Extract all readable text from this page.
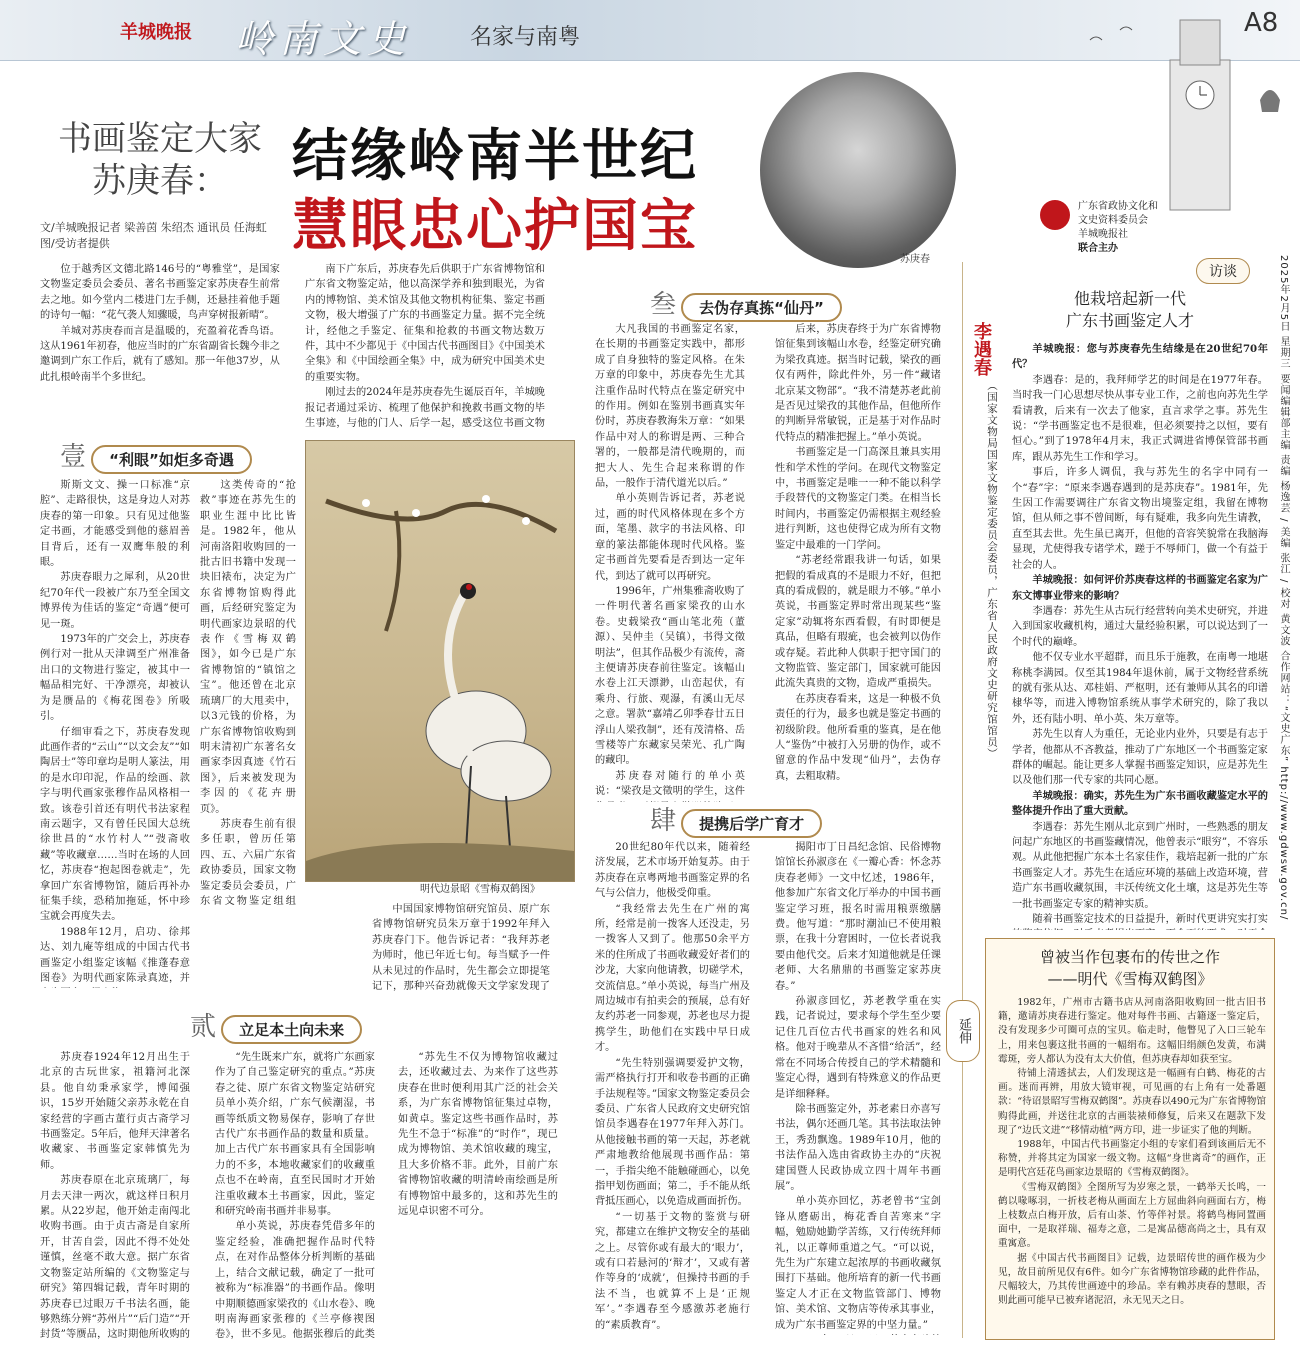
羊城晚报 岭南文史	名家与南粤	A8
书画鉴定大家
苏庚春：	结缘岭南半世纪
慧眼忠心护国宝
文/羊城晚报记者 梁善茵 朱绍杰 通讯员 任海虹 图/受访者提供
苏庚春
广东省政协文化和
文史资料委员会
羊城晚报社
联合主办

位于越秀区文德北路146号的“粤雅堂”，是国家文物鉴定委员会委员、著名书画鉴定家苏庚春生前常去之地。如今堂内二楼进门左手侧，还悬挂着他手题的诗句一幅：“花气袭人知骤暖，鸟声穿树报新晴”。

羊城对苏庚春而言是温暖的，充盈着花香鸟语。这从1961年初春，他应当时的广东省副省长魏今非之邀调到广东工作后，就有了感知。那一年他37岁，从此扎根岭南半个多世纪。

南下广东后，苏庚春先后供职于广东省博物馆和广东省文物鉴定站，他以高深学养和独到眼光，为省内的博物馆、美术馆及其他文物机构征集、鉴定书画文物，极大增强了广东的书画鉴定力量。据不完全统计，经他之手鉴定、征集和抢救的书画文物达数万件，其中不少都见于《中国古代书画图目》《中国美术全集》和《中国绘画全集》中，成为研究中国美术史的重要实物。

刚过去的2024年是苏庚春先生诞辰百年，羊城晚报记者通过采访、梳理了他保护和挽救书画文物的毕生事迹，与他的门人、后学一起，感受这位书画文物

壹 “利眼”如炬多奇遇

斯斯文文、操一口标准“京腔”、走路很快，这是身边人对苏庚春的第一印象。只有见过他鉴定书画，才能感受到他的慈眉善目背后，还有一双鹰隼般的利眼。

苏庚春眼力之犀利，从20世纪70年代一段被广东乃至全国文博界传为佳话的鉴定“奇遇”便可见一斑。

1973年的广交会上，苏庚春例行对一批从天津调至广州准备出口的文物进行鉴定，被其中一幅品相完好、干净漂亮，却被认为是赝品的《梅花图卷》所吸引。

仔细审看之下，苏庚春发现此画作者的“云山”“以文会友”“如陶居士”等印章均是明人篆法，用的是水印印泥，作品的绘画、款字与明代画家张穆作品风格相一致。该卷引首还有明代书法家程南云题字，又有曾任民国大总统徐世昌的“水竹村人”“弢斋收藏”等收藏章……当时在场的人回忆，苏庚春“抱起图卷就走”，先拿回广东省博物馆，随后再补办征集手续，恐稍加拖延，怀中珍宝就会再度失去。

1988年12月，启功、徐邦达、刘九庵等组成的中国古代书画鉴定小组鉴定该幅《推蓬春意图卷》为明代画家陈录真迹，并

这类传奇的“抢救”事迹在苏先生的职业生涯中比比皆是。1982年，他从河南洛阳收购回的一批古旧书籍中发现一块旧裱布，决定为广东省博物馆购得此画，后经研究鉴定为明代画家边景昭的代表作《雪梅双鹤图》，如今已是广东省博物馆的“镇馆之宝”。他还曾在北京琉璃厂的大甩卖中，以3元钱的价格，为广东省博物馆收购到明末清初广东著名女画家李因真迹《竹石图》，后来被发现为李因的《花卉册页》。

苏庚春生前有很多任职，曾历任第四、五、六届广东省政协委员，国家文物鉴定委员会委员，广东省文物鉴定组组

明代边景昭《雪梅双鹤图》

中国国家博物馆研究馆员、原广东省博物馆研究员朱万章于1992年拜入苏庚春门下。他告诉记者：“我拜苏老为师时，他已年近七旬。每当赋予一件从未见过的作品时，先生都会立即提笔记下，那种兴奋劲就像天文学家发现了

贰 立足本土向未来

苏庚春1924年12月出生于北京的古玩世家，祖籍河北深县。他自幼秉承家学，博闻强识，15岁开始随父亲苏永乾在自家经营的字画古董行贞古斋学习书画鉴定。5年后，他拜天津著名收藏家、书画鉴定家韩慎先为师。

苏庚春原在北京琉璃厂，每月去天津一两次，就这样日积月累。从22岁起，他开始走南闯北收购书画。由于贞古斋是自家所开，甘苦自尝，因此不得不处处谨慎，丝毫不敢大意。据广东省文物鉴定站所编的《文物鉴定与研究》第四辑记载，青年时期的苏庚春已过眼万千书法名画，能够熟练分辨“苏州片”“后门造”“开封货”等赝品，这时期他所收购的

“先生既来广东，就将广东画家作为了自己鉴定研究的重点。”苏庚春之徒、原广东省文物鉴定站研究员单小英介绍，广东气候潮湿，书画等纸质文物易保存，影响了存世古代广东书画作品的数量和质量。加上古代广东书画家具有全国影响力的不多，本地收藏家们的收藏重点也不在岭南，直至民国时才开始注重收藏本土书画家，因此，鉴定和研究岭南书画并非易事。

单小英说，苏庚春凭借多年的鉴定经验，准确把握作品时代特点，在对作品整体分析判断的基础上，结合文献记载，确定了一批可被称为“标准器”的书画作品。像明中期顺德画家梁孜的《山水卷》、晚明南海画家张穆的《兰亭修禊图卷》，世不多见。他据张穆后的此类

“苏先生不仅为博物馆收藏过去，还收藏过去、为来作了这些苏庚春在世时便利用其广泛的社会关系，为广东省博物馆征集过卓物，如黄卓。鉴定这些书画作品时，苏先生不急于“标准”的“时作”，现已成为博物馆、美术馆收藏的瑰宝，且大多价格不菲。此外，目前广东省博物馆收藏的明清岭南绘画是所有博物馆中最多的，这和苏先生的远见卓识密不可分。

叁 去伪存真拣“仙丹”

大凡我国的书画鉴定名家，在长期的书画鉴定实践中，都形成了自身独特的鉴定风格。在朱万章的印象中，苏庚春先生尤其注重作品时代特点在鉴定研究中的作用。例如在鉴别书画真实年份时，苏庚春教海朱万章：“如果作品中对人的称谓是两、三种合署的，一般都是清代晚期的，而把大人、先生合起来称谓的作品，一般作于清代道光以后。”

单小英则告诉记者，苏老说过，画的时代风格体现在多个方面，笔墨、款字的书法风格、印章的篆法都能体现时代风格。鉴定书画首先要看是否到达一定年代，到达了就可以再研究。

1996年，广州集雅斋收购了一件明代著名画家梁孜的山水卷。史载梁孜“画山笔北苑（董源）、吴仲圭（吴镇），书得文徵明法”，但其作品极少有流传，斋主便请苏庚春前往鉴定。该幅山水卷上江天漂渺，山峦起伏，有乘舟、行旅、观瀑，有溪山无尽之意。署款“嘉靖乙卯季春廿五日浮山人梁孜制”，还有茂清格、岳雪楼等广东藏家吴荣光、孔广陶的藏印。

苏庚春对随行的单小英说：“梁孜是文徵明的学生，这件

后来，苏庚春终于为广东省博物馆征集到该幅山水卷，经鉴定研究确为梁孜真迹。据当时记载，梁孜的画仅有两件，除此件外，另一件“藏诸北京某文物部”。“我不清楚苏老此前是否见过梁孜的其他作品，但他所作的判断异常敏锐，正是基于对作品时代特点的精准把握上。”单小英说。

书画鉴定是一门高深且兼具实用性和学术性的学问。在现代文物鉴定中，书画鉴定是唯一一种不能以科学手段替代的文物鉴定门类。在相当长时间内，书画鉴定仍需根据主观经验进行判断，这也使得它成为所有文物鉴定中最难的一门学问。

“苏老经常跟我讲一句话，如果把假的看成真的不是眼力不好，但把真的看成假的，就是眼力不够。”单小英说，书画鉴定界时常出现某些“鉴定家”动辄将东西看假，有时即便是真品，但略有瑕疵，也会被判以伪作或存疑。若此种人供职于把守国门的文物监管、鉴定部门，国家就可能因此流失真贵的文物，造成严重损失。

在苏庚春看来，这是一种极不负责任的行为，最多也就是鉴定书画的初级阶段。他所看重的鉴真，是在他人“鉴伪”中被打入另册的伪作，或不留意的作品中发现“仙丹”，去伪存真，去粗取精。

肆 提携后学广育才

20世纪80年代以来，随着经济发展，艺术市场开始复苏。由于苏庚春在京粤两地书画鉴定界的名气与公信力，他极受仰重。

“我经常去先生在广州的寓所，经常是前一拨客人还没走，另一拨客人又到了。他那50余平方米的住所成了书画收藏爱好者们的沙龙，大家向他请教，切磋学术，交流信息。”单小英说，每当广州及周边城市有拍卖会的预展，总有好友约苏老一同参观，苏老也尽力提携学生，助他们在实践中早日成才。

“先生特别强调要爱护文物，需严格执行打开和收卷书画的正确手法规程等。”国家文物鉴定委员会委员、广东省人民政府文史研究馆馆员李遇春在1977年拜入苏门。从他接触书画的第一天起，苏老就严肃地教给他展现书画作品：第一，手指尖绝不能触碰画心，以免指甲划伤画面；第二，手不能从纸背抵压画心，以免造成画面折伤。

“一切基于文物的鉴赏与研究，都建立在维护文物安全的基础之上。尽管你或有最大的‘眼力’，或有口若悬河的‘辩才’，又或有著作等身的‘成就’，但操持书画的手法不当，也就算不上是‘正规军’。”李遇春至今感激苏老施行的“素质教育”。

揭阳市丁日昌纪念馆、民俗博物馆馆长孙淑彦在《一瓣心香：怀念苏庚春老师》一文中忆述，1986年，他参加广东省文化厅举办的中国书画鉴定学习班，报名时需用粮票缴膳费。他写道：“那时潮汕已不使用粮票，在我十分窘困时，一位长者说我要由他代交。后来才知道他就是任课老师、大名鼎鼎的书画鉴定家苏庚春。”

孙淑彦回忆，苏老教学重在实践，记者说过，要求每个学生至少要记住几百位古代书画家的姓名和风格。他对于晚辈从不吝惜“给活”，经常在不同场合传授自己的学术精髓和鉴定心得，遇到有特殊意义的作品更是详细释释。

除书画鉴定外，苏老素日亦喜写书法，偶尔还画几笔。其书法取法钟王，秀劲飘逸。1989年10月，他的书法作品入选由省政协主办的“庆祝建国暨人民政协成立四十周年书画展”。

单小英亦回忆，苏老曾书“宝剑锋从磨砺出，梅花香自苦寒来”字幅，勉励她勤学苦练，又行传统拜师礼，以正尊师重道之气。“可以说，先生为广东建立起浓厚的书画收藏氛围打下基础。他所培育的新一代书画鉴定人才正在文物监管部门、博物馆、美术馆、文物店等传承其事业，成为广东书画鉴定界的中坚力量。”

访谈
他栽培起新一代
广东书画鉴定人才
李遇春
（国家文物局国家文物鉴定委员会委员，广东省人民政府文史研究馆馆员）

羊城晚报：您与苏庚春先生结缘是在20世纪70年代？

李遇春：是的，我拜师学艺的时间是在1977年春。当时我一门心思想尽快从事专业工作，之前也向苏先生学看请教，后来有一次去了他家，直言求学之事。苏先生说：“学书画鉴定也不是很难，但必须要持之以恒，要有恒心。”到了1978年4月末，我正式调进省博保管部书画库，跟从苏先生工作和学习。

事后，许多人调侃，我与苏先生的名字中同有一个“春”字：“原来李遇春遇到的是苏庚春”。1981年，先生因工作需要调往广东省文物出境鉴定组，我留在博物馆，但从师之事不曾间断，每有疑难，我多向先生请教，直至其去世。先生虽已离开，但他的音容笑貌常在我脑海显现，尤使得我专诸学术，蹉于不辱师门，做一个有益于社会的人。

羊城晚报：如何评价苏庚春这样的书画鉴定名家为广东文博事业带来的影响？

李遇春：苏先生从古玩行经营转向美术史研究，并进入到国家收藏机构，通过大量经验积累，可以说达到了一个时代的巅峰。

他不仅专业水平超群，而且乐于施教，在南粤一地堪称桃李满园。仅至其1984年退休前，属于文物经营系统的就有张从达、邓桂娟、严枢明，还有兼师从其名的印谱棣华等，而进入博物馆系统从事学术研究的，除了我以外，还有陆小明、单小英、朱万章等。

苏先生以育人为重任，无论业内业外，只要是有志于学者，他都从不吝教益，推动了广东地区一个书画鉴定家群体的崛起。能让更多人掌握书画鉴定知识，应是苏先生以及他们那一代专家的共同心愿。

羊城晚报：确实，苏先生为广东书画收藏鉴定水平的整体提升作出了重大贡献。

李遇春：苏先生刚从北京到广州时，一些熟悉的朋友问起广东地区的书画鉴藏情况，他曾表示“眼穷”，不容乐观。从此他把握广东本土名家佳作，栽培起新一批的广东书画鉴定人才。苏先生在适应环境的基础上改造环境，营造广东书画收藏氛围，丰沃传统文化土壤，这是苏先生等一批书画鉴定专家的精神实质。

随着书画鉴定技术的日益提升，新时代更讲究实打实

延伸
曾被当作包裹布的传世之作
——明代《雪梅双鹤图》

1982年，广州市古籍书店从河南洛阳收购回一批古旧书籍，邀请苏庚春进行鉴定。他对每件书画、古籍逐一鉴定后，没有发现多少可圈可点的宝贝。临走时，他瞥见了入口三轮车上，用来包裹这批书画的一幅绢布。这幅旧绢颜色发黄，布满霉斑，旁人都认为没有太大价值，但苏庚春却如获至宝。

待铺上清透拭去，人们发现这是一幅画有白鹤、梅花的古画。迷而再辨，用放大镜审视，可见画的右上角有一处番题款：“待诏景昭写雪梅双鹤图”。苏庚春以490元为广东省博物馆购得此画，并送往北京的古画装裱师修复，后来又在题款下发现了“边氏文进”“移情动植”两方印，进一步证实了他的判断。

1988年，中国古代书画鉴定小组的专家们看到该画后无不称赞，并将其定为国家一级文物。这幅“身世离奇”的画作，正是明代宫廷花鸟画家边景昭的《雪梅双鹤图》。

《雪梅双鹤图》全图所写为岁寒之景，一鹤举天长鸣，一鹤以喙啄羽，一折枝老梅从画面左上方屈曲斜向画面右方，梅上枝数点白梅开放，后有山茶、竹等伴衬景。将鹤鸟梅同置画面中，一是取祥瑞、福寿之意，二是寓品德高尚之士，具有双重寓意。

据《中国古代书画图目》记载，边景昭传世的画作极为少见，故目前所见仅有6件。如今广东省博物馆珍藏的此件作品，尺幅较大，乃其传世画迹中的珍品。幸有赖苏庚春的慧眼，否则此画可能早已被弃诸泥沼，永无见天之日。

2025年2月5日 星期三 要闻编辑部主编 责编 杨逸芸 / 美编 张江 / 校对 黄文波 合作网站：“文史广东” http://www.gdwsw.gov.cn/
